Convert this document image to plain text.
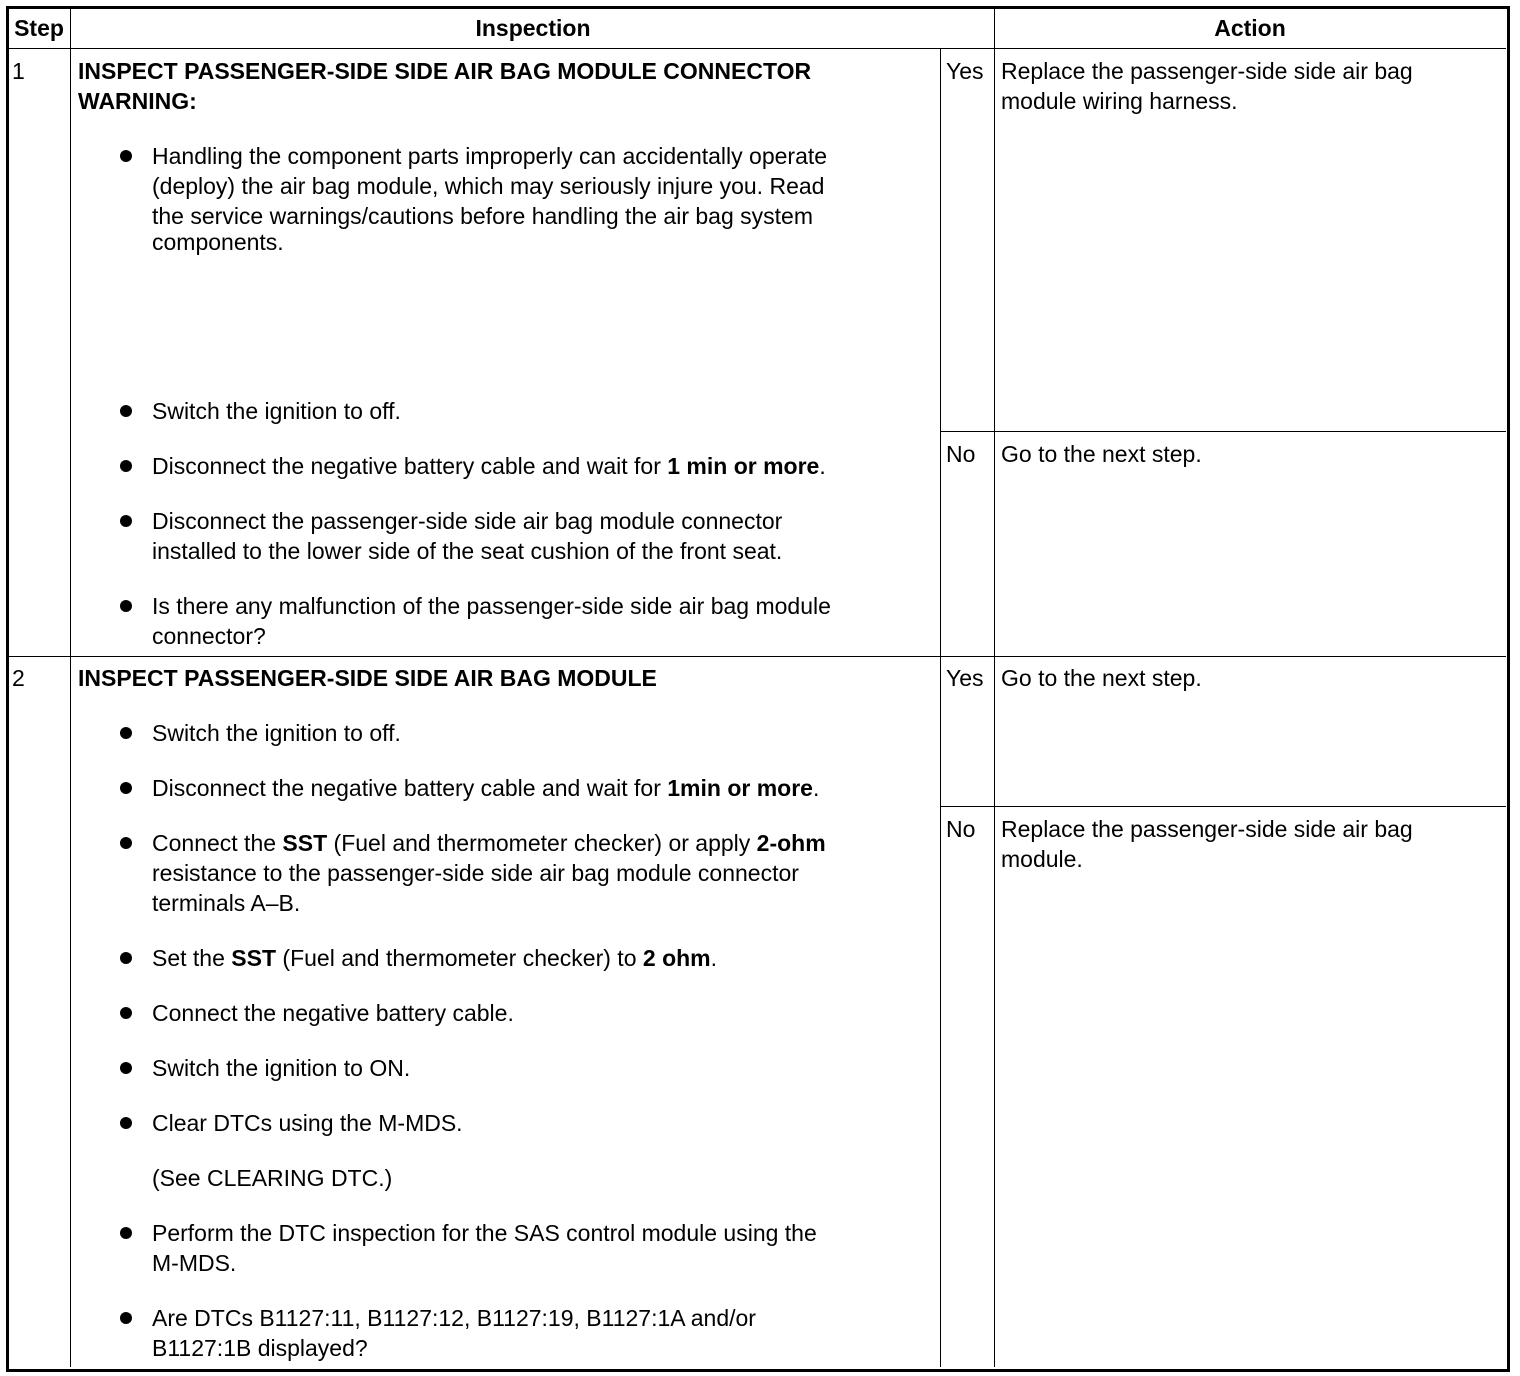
Step	Inspection	Action
1 INSPECT PASSENGER-SIDE SIDE AIR BAG MODULE CONNECTOR
WARNING:
Handling the component parts improperly can accidentally operate
(deploy) the air bag module, which may seriously injure you. Read
the service warnings/cautions before handling the air bag system
components.
Switch the ignition to off.
Disconnect the negative battery cable and wait for 1 min or more.
Disconnect the passenger-side side air bag module connector
installed to the lower side of the seat cushion of the front seat.
Is there any malfunction of the passenger-side side air bag module
connector?
Yes Replace the passenger-side side air bag
module wiring harness.
No Go to the next step.
2 INSPECT PASSENGER-SIDE SIDE AIR BAG MODULE
Switch the ignition to off.
Disconnect the negative battery cable and wait for 1min or more.
Connect the SST (Fuel and thermometer checker) or apply 2-ohm
resistance to the passenger-side side air bag module connector
terminals A–B.
Set the SST (Fuel and thermometer checker) to 2 ohm.
Connect the negative battery cable.
Switch the ignition to ON.
Clear DTCs using the M-MDS.
(See CLEARING DTC.)
Perform the DTC inspection for the SAS control module using the
M-MDS.
Are DTCs B1127:11, B1127:12, B1127:19, B1127:1A and/or
B1127:1B displayed?
Yes Go to the next step.
No Replace the passenger-side side air bag
module.
